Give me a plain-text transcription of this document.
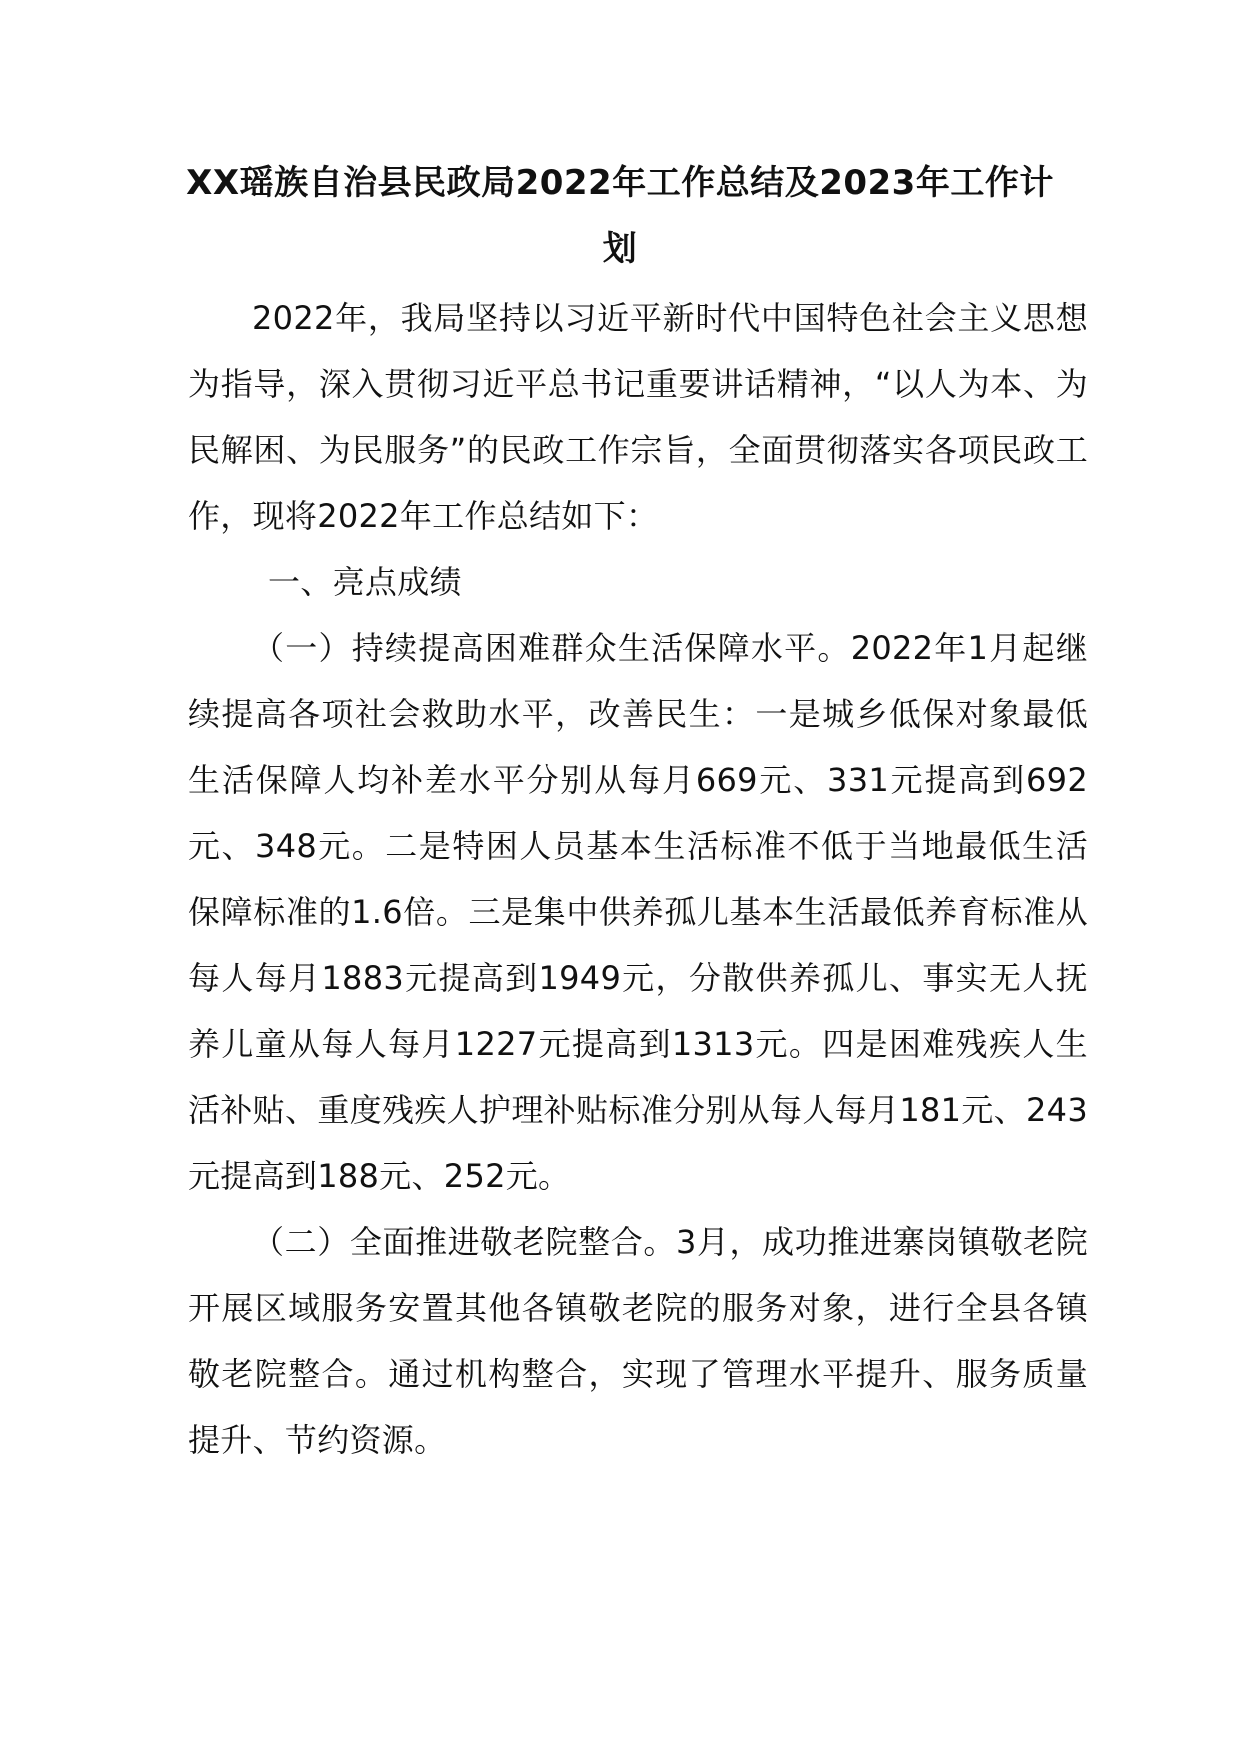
XX瑶族自治县民政局2022年工作总结及2023年工作计划

2022年，我局坚持以习近平新时代中国特色社会主义思想为指导，深入贯彻习近平总书记重要讲话精神，“以人为本、为民解困、为民服务”的民政工作宗旨，全面贯彻落实各项民政工作，现将2022年工作总结如下：

一、亮点成绩

（一）持续提高困难群众生活保障水平。2022年1月起继续提高各项社会救助水平，改善民生：一是城乡低保对象最低生活保障人均补差水平分别从每月669元、331元提高到692元、348元。二是特困人员基本生活标准不低于当地最低生活保障标准的1.6倍。三是集中供养孤儿基本生活最低养育标准从每人每月1883元提高到1949元，分散供养孤儿、事实无人抚养儿童从每人每月1227元提高到1313元。四是困难残疾人生活补贴、重度残疾人护理补贴标准分别从每人每月181元、243元提高到188元、252元。

（二）全面推进敬老院整合。3月，成功推进寨岗镇敬老院开展区域服务安置其他各镇敬老院的服务对象，进行全县各镇敬老院整合。通过机构整合，实现了管理水平提升、服务质量提升、节约资源。
